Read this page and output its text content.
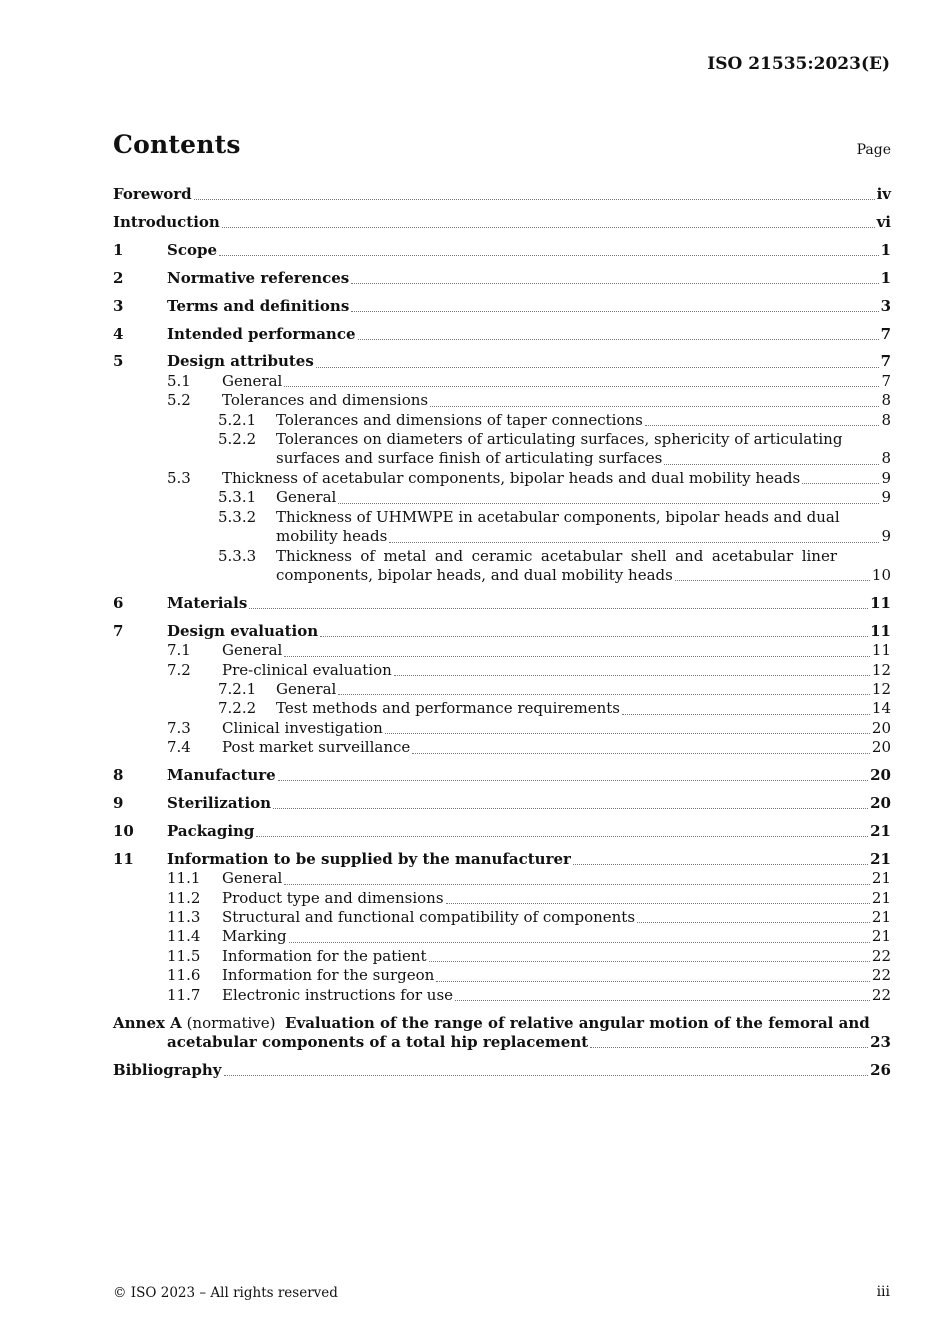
ISO 21535:2023(E)
Contents	Page
Foreword	iv
Introduction	vi
1	Scope	1
2	Normative references	1
3	Terms and definitions	3
4	Intended performance	7
5	Design attributes	7
5.1	General	7
5.2	Tolerances and dimensions	8
5.2.1	Tolerances and dimensions of taper connections	8
5.2.2	Tolerances on diameters of articulating surfaces, sphericity of articulating
surfaces and surface finish of articulating surfaces	8
5.3	Thickness of acetabular components, bipolar heads and dual mobility heads	9
5.3.1	General	9
5.3.2	Thickness of UHMWPE in acetabular components, bipolar heads and dual
mobility heads	9
5.3.3	Thickness of metal and ceramic acetabular shell and acetabular liner
components, bipolar heads, and dual mobility heads	10
6	Materials	11
7	Design evaluation	11
7.1	General	11
7.2	Pre-clinical evaluation	12
7.2.1	General	12
7.2.2	Test methods and performance requirements	14
7.3	Clinical investigation	20
7.4	Post market surveillance	20
8	Manufacture	20
9	Sterilization	20
10	Packaging	21
11	Information to be supplied by the manufacturer	21
11.1	General	21
11.2	Product type and dimensions	21
11.3	Structural and functional compatibility of components	21
11.4	Marking	21
11.5	Information for the patient	22
11.6	Information for the surgeon	22
11.7	Electronic instructions for use	22
Annex A (normative) Evaluation of the range of relative angular motion of the femoral and
acetabular components of a total hip replacement	23
Bibliography	26
© ISO 2023 – All rights reserved	iii
